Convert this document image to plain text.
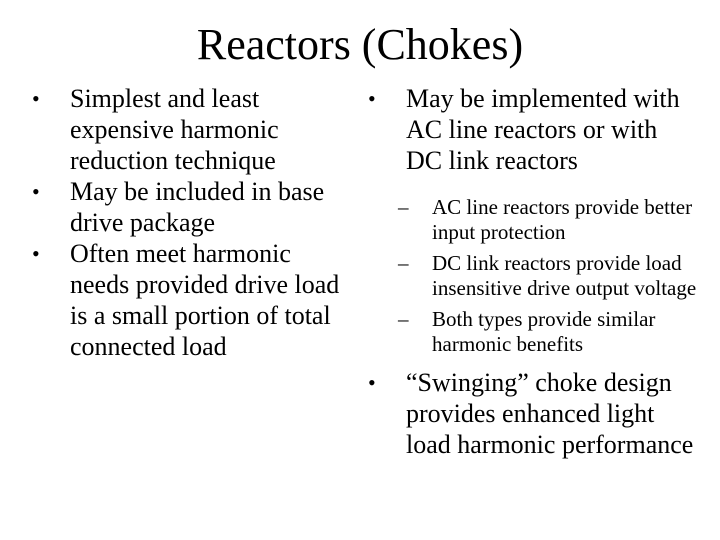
Reactors (Chokes)
• Simplest and least expensive harmonic reduction technique
• May be included in base drive package
• Often meet harmonic needs provided drive load is a small portion of total connected load
• May be implemented with AC line reactors or with DC link reactors
– AC line reactors provide better input protection
– DC link reactors provide load insensitive drive output voltage
– Both types provide similar harmonic benefits
• “Swinging” choke design provides enhanced light load harmonic performance
